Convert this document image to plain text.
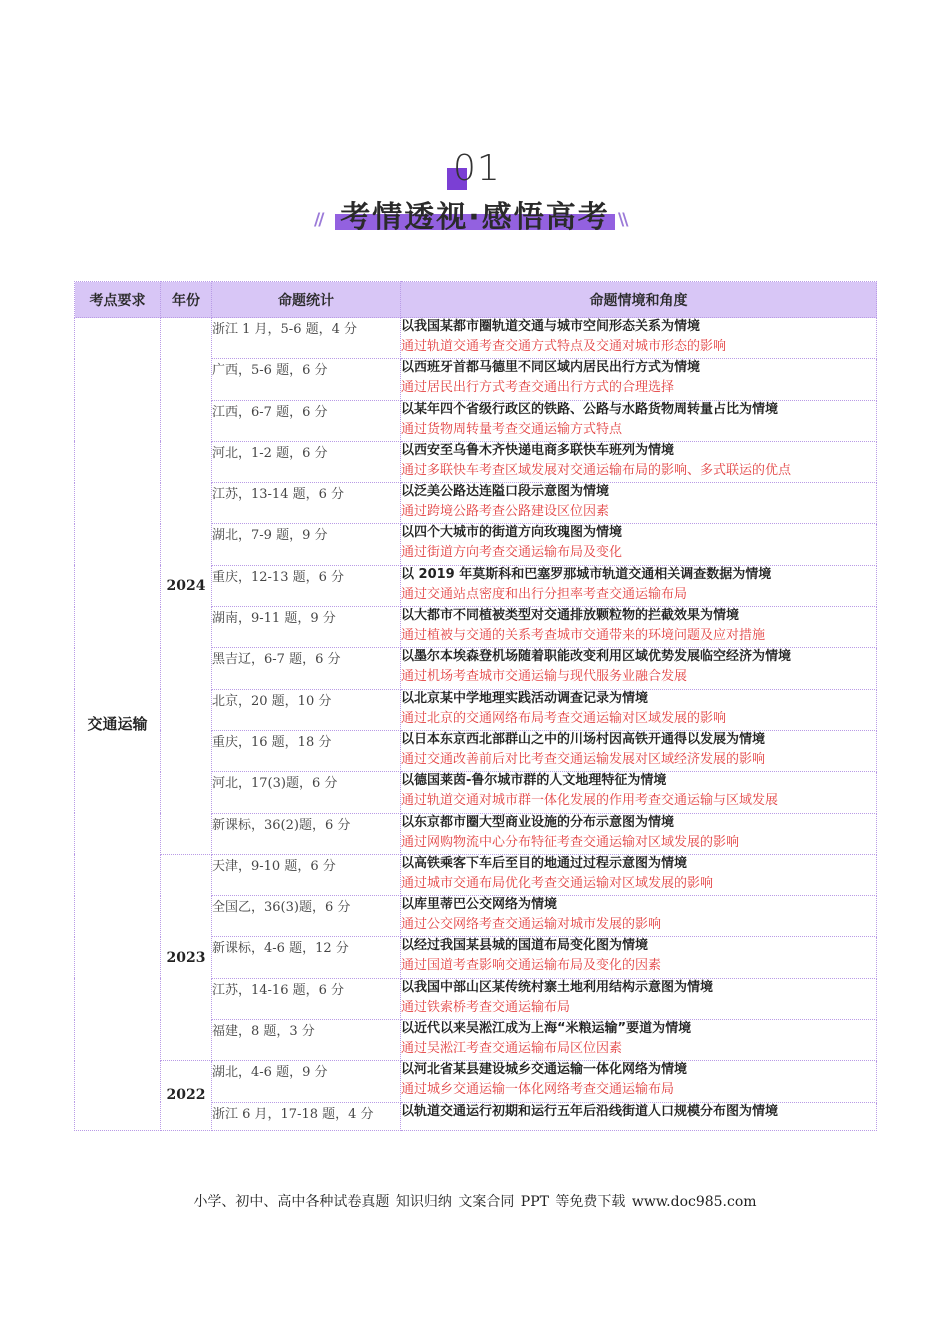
01
// 考情透视·感悟高考 \\
考点要求	年份	命题统计	命题情境和角度
交通运输	2024	浙江 1 月，5-6 题，4 分	以我国某都市圈轨道交通与城市空间形态关系为情境
通过轨道交通考查交通方式特点及交通对城市形态的影响

		广西，5-6 题，6 分	以西班牙首都马德里不同区域内居民出行方式为情境
通过居民出行方式考查交通出行方式的合理选择

		江西，6-7 题，6 分	以某年四个省级行政区的铁路、公路与水路货物周转量占比为情境
通过货物周转量考查交通运输方式特点

		河北，1-2 题，6 分	以西安至乌鲁木齐快递电商多联快车班列为情境
通过多联快车考查区域发展对交通运输布局的影响、多式联运的优点

		江苏，13-14 题，6 分	以泛美公路达连隘口段示意图为情境
通过跨境公路考查公路建设区位因素

		湖北，7-9 题，9 分	以四个大城市的街道方向玫瑰图为情境
通过街道方向考查交通运输布局及变化

		重庆，12-13 题，6 分	以 2019 年莫斯科和巴塞罗那城市轨道交通相关调查数据为情境
通过交通站点密度和出行分担率考查交通运输布局

		湖南，9-11 题，9 分	以大都市不同植被类型对交通排放颗粒物的拦截效果为情境
通过植被与交通的关系考查城市交通带来的环境问题及应对措施

		黑吉辽，6-7 题，6 分	以墨尔本埃森登机场随着职能改变利用区域优势发展临空经济为情境
通过机场考查城市交通运输与现代服务业融合发展

		北京，20 题，10 分	以北京某中学地理实践活动调查记录为情境
通过北京的交通网络布局考查交通运输对区域发展的影响

		重庆，16 题，18 分	以日本东京西北部群山之中的川场村因高铁开通得以发展为情境
通过交通改善前后对比考查交通运输发展对区域经济发展的影响

		河北，17(3)题，6 分	以德国莱茵-鲁尔城市群的人文地理特征为情境
通过轨道交通对城市群一体化发展的作用考查交通运输与区域发展

		新课标，36(2)题，6 分	以东京都市圈大型商业设施的分布示意图为情境
通过网购物流中心分布特征考查交通运输对区域发展的影响

	2023	天津，9-10 题，6 分	以高铁乘客下车后至目的地通过过程示意图为情境
通过城市交通布局优化考查交通运输对区域发展的影响

		全国乙，36(3)题，6 分	以库里蒂巴公交网络为情境
通过公交网络考查交通运输对城市发展的影响

		新课标，4-6 题，12 分	以经过我国某县城的国道布局变化图为情境
通过国道考查影响交通运输布局及变化的因素

		江苏，14-16 题，6 分	以我国中部山区某传统村寨土地利用结构示意图为情境
通过铁索桥考查交通运输布局

		福建，8 题，3 分	以近代以来吴淞江成为上海“米粮运输”要道为情境
通过吴淞江考查交通运输布局区位因素

	2022	湖北，4-6 题，9 分	以河北省某县建设城乡交通运输一体化网络为情境
通过城乡交通运输一体化网络考查交通运输布局

		浙江 6 月，17-18 题，4 分	以轨道交通运行初期和运行五年后沿线街道人口规模分布图为情境
小学、初中、高中各种试卷真题 知识归纳 文案合同 PPT 等免费下载 www.doc985.com
